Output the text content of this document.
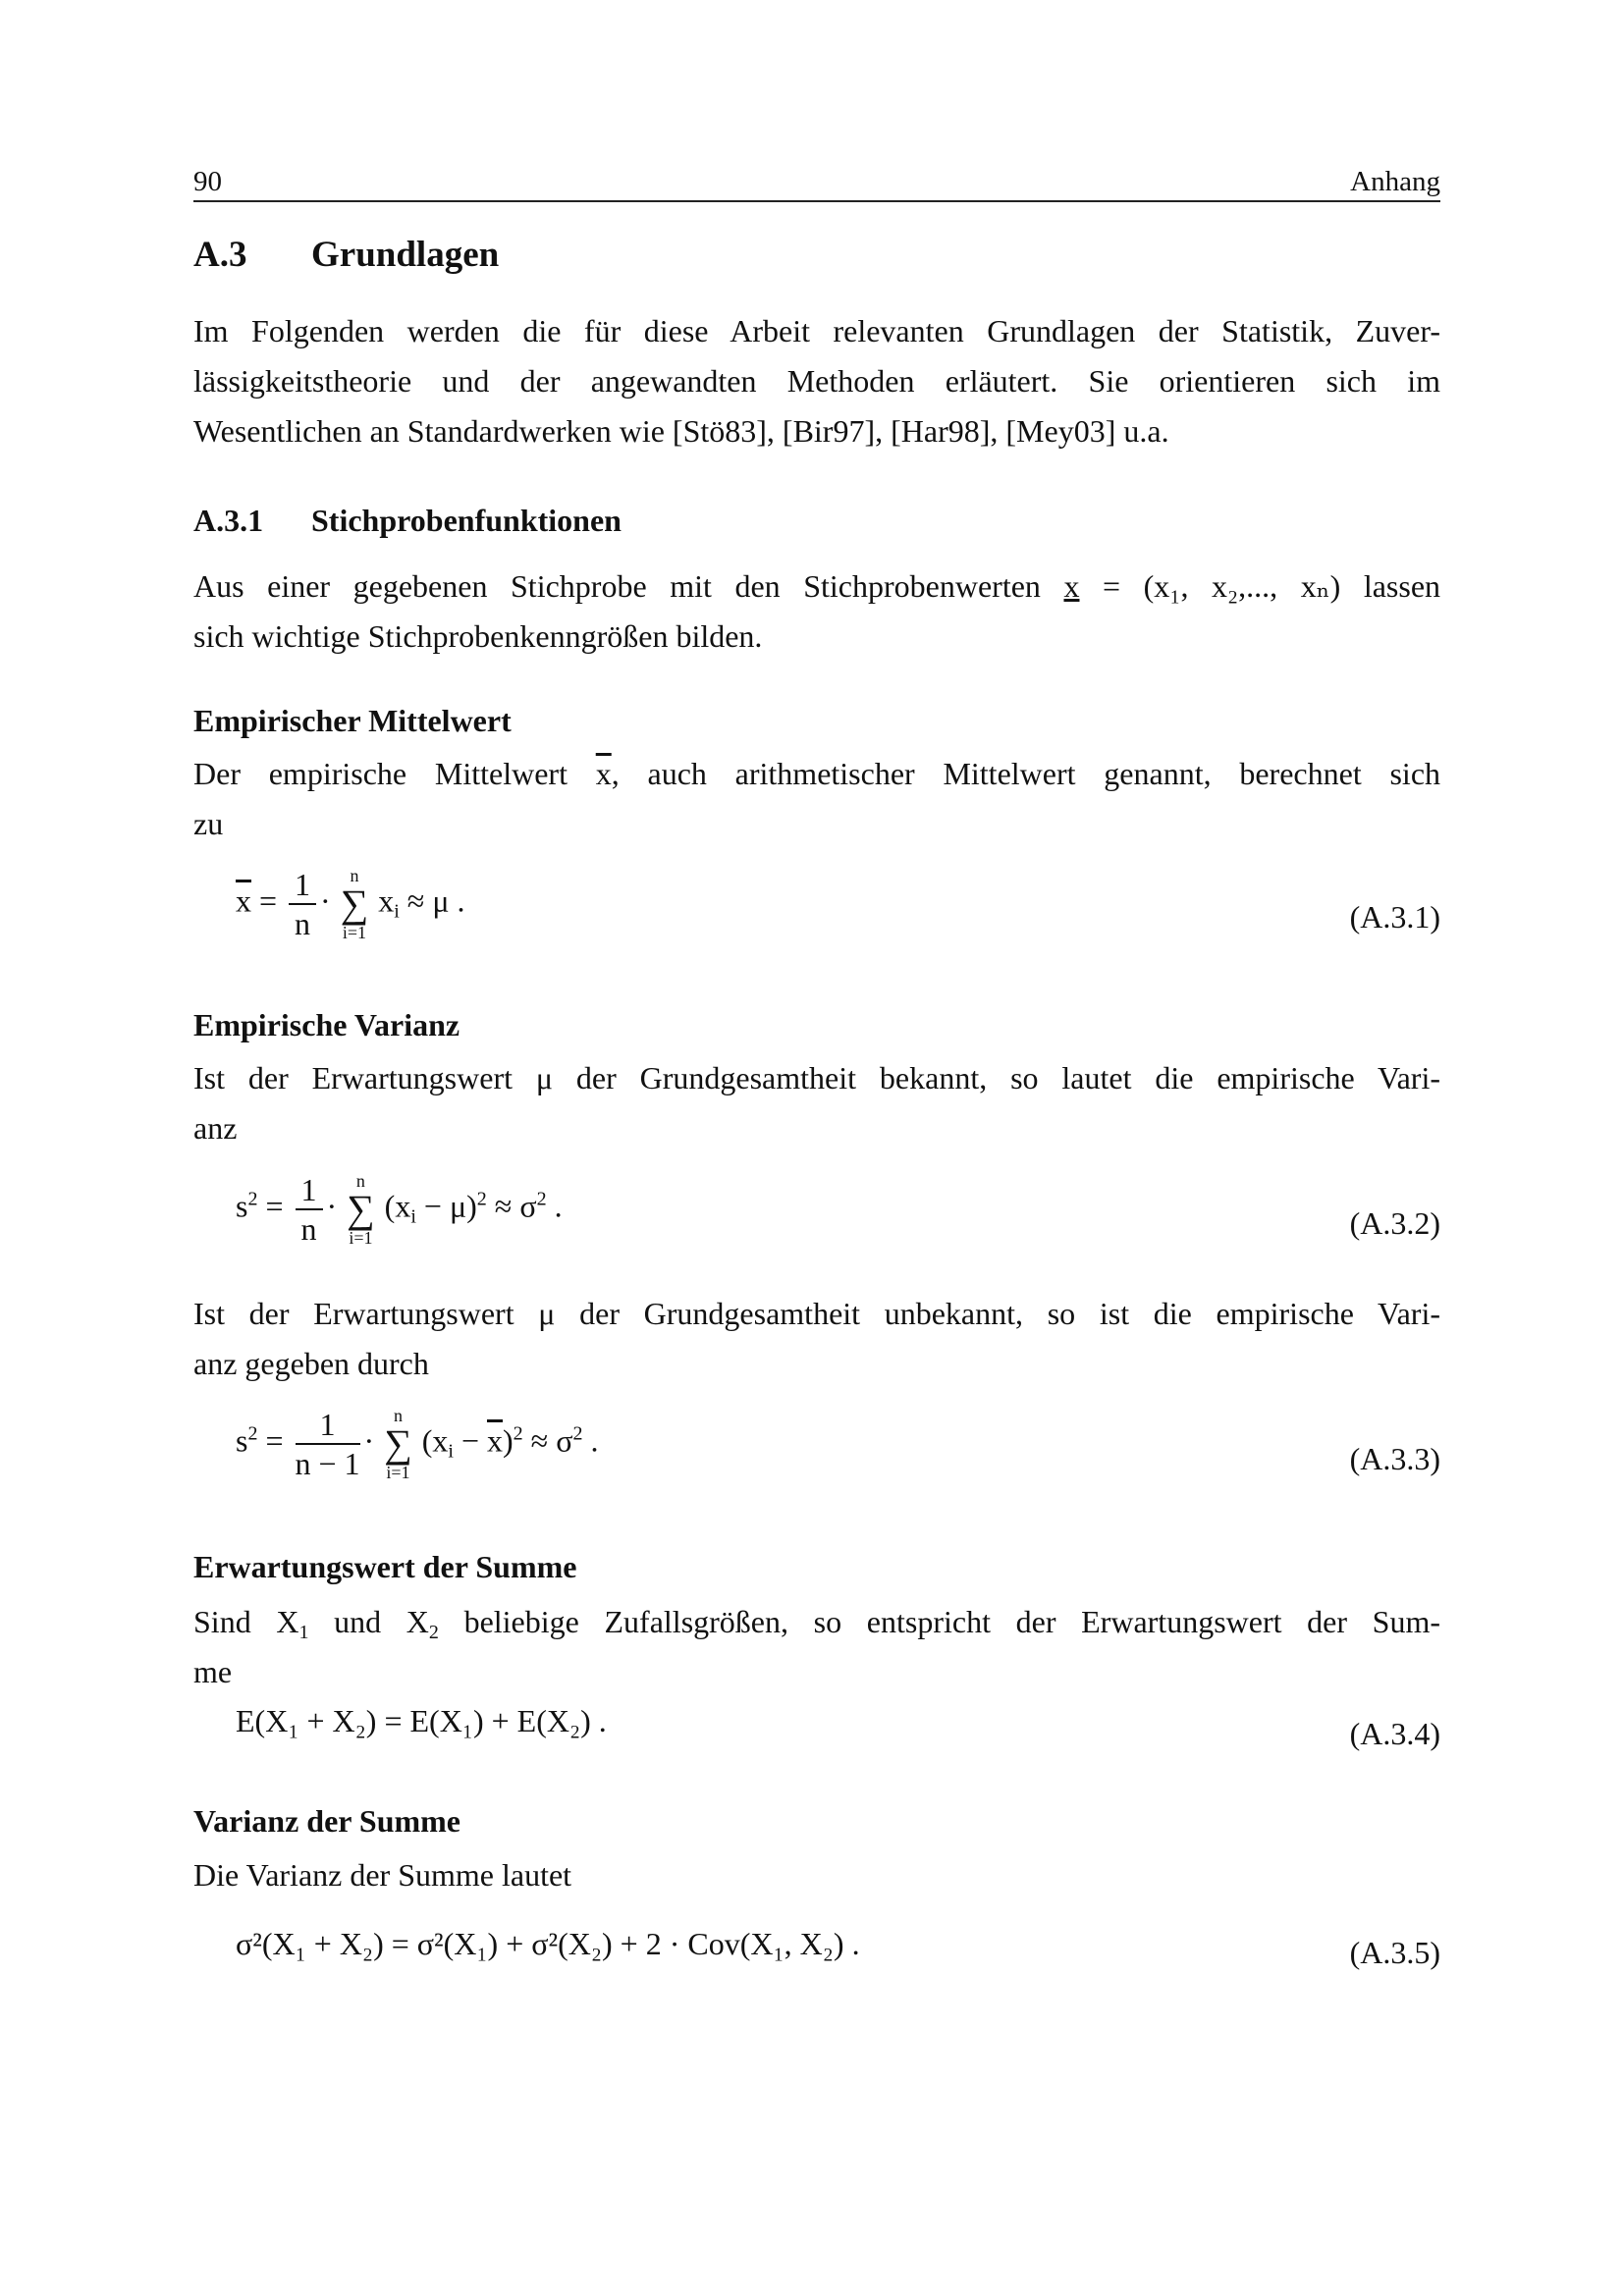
90	Anhang
A.3 Grundlagen
Im Folgenden werden die für diese Arbeit relevanten Grundlagen der Statistik, Zuver-
lässigkeitstheorie und der angewandten Methoden erläutert. Sie orientieren sich im
Wesentlichen an Standardwerken wie [Stö83], [Bir97], [Har98], [Mey03] u.a.
A.3.1 Stichprobenfunktionen
Aus einer gegebenen Stichprobe mit den Stichprobenwerten x = (x₁, x₂,..., xₙ) lassen
sich wichtige Stichprobenkenngrößen bilden.
Empirischer Mittelwert
Der empirische Mittelwert $\overline{x}$, auch arithmetischer Mittelwert genannt, berechnet sich
zu
$\overline{x} = \frac{1}{n}$ ·
n
∑
i=1
$x_i \approx \mu$ .	(A.3.1)
Empirische Varianz
Ist der Erwartungswert μ der Grundgesamtheit bekannt, so lautet die empirische Vari-
anz
$s^2 = \frac{1}{n}$ ·
n
∑
i=1
$(x_i - \mu)^2 \approx \sigma^2$ .	(A.3.2)
Ist der Erwartungswert μ der Grundgesamtheit unbekannt, so ist die empirische Vari-
anz gegeben durch
$s^2 = \frac{1}{n - 1}$ ·
n
∑
i=1
$(x_i - \overline{x})^2 \approx \sigma^2$ .
(A.3.3)
Erwartungswert der Summe
Sind $X_1$ und $X_2$ beliebige Zufallsgrößen, so entspricht der Erwartungswert der Sum-
me
E(X₁ + X₂) = E(X₁) + E(X₂) .	(A.3.4)
Varianz der Summe
Die Varianz der Summe lautet
σ²(X₁ + X₂) = σ²(X₁) + σ²(X₂) + 2 · Cov(X₁, X₂) .	(A.3.5)
